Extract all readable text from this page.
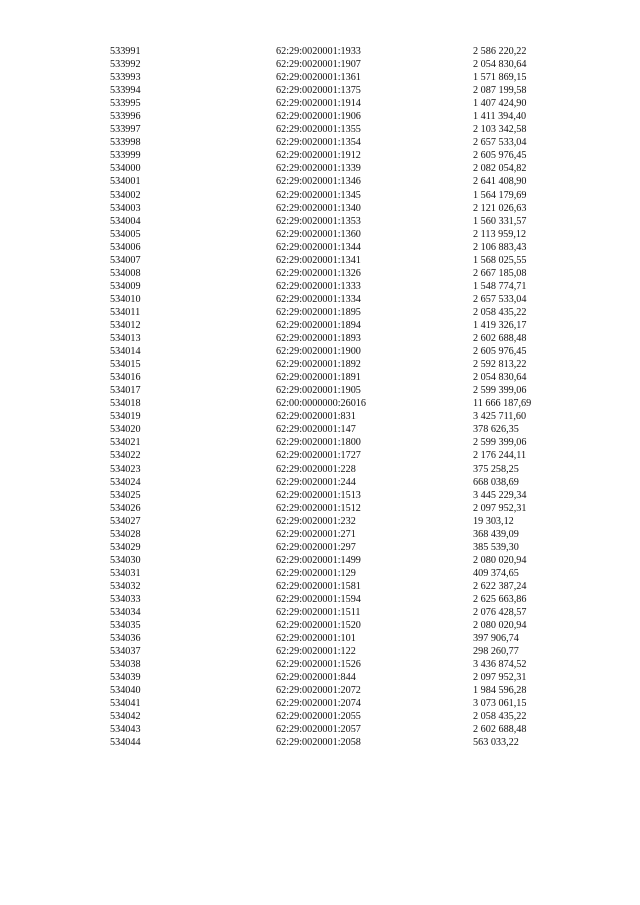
533991	62:29:0020001:1933	2 586 220,22
533992	62:29:0020001:1907	2 054 830,64
533993	62:29:0020001:1361	1 571 869,15
533994	62:29:0020001:1375	2 087 199,58
533995	62:29:0020001:1914	1 407 424,90
533996	62:29:0020001:1906	1 411 394,40
533997	62:29:0020001:1355	2 103 342,58
533998	62:29:0020001:1354	2 657 533,04
533999	62:29:0020001:1912	2 605 976,45
534000	62:29:0020001:1339	2 082 054,82
534001	62:29:0020001:1346	2 641 408,90
534002	62:29:0020001:1345	1 564 179,69
534003	62:29:0020001:1340	2 121 026,63
534004	62:29:0020001:1353	1 560 331,57
534005	62:29:0020001:1360	2 113 959,12
534006	62:29:0020001:1344	2 106 883,43
534007	62:29:0020001:1341	1 568 025,55
534008	62:29:0020001:1326	2 667 185,08
534009	62:29:0020001:1333	1 548 774,71
534010	62:29:0020001:1334	2 657 533,04
534011	62:29:0020001:1895	2 058 435,22
534012	62:29:0020001:1894	1 419 326,17
534013	62:29:0020001:1893	2 602 688,48
534014	62:29:0020001:1900	2 605 976,45
534015	62:29:0020001:1892	2 592 813,22
534016	62:29:0020001:1891	2 054 830,64
534017	62:29:0020001:1905	2 599 399,06
534018	62:00:0000000:26016	11 666 187,69
534019	62:29:0020001:831	3 425 711,60
534020	62:29:0020001:147	378 626,35
534021	62:29:0020001:1800	2 599 399,06
534022	62:29:0020001:1727	2 176 244,11
534023	62:29:0020001:228	375 258,25
534024	62:29:0020001:244	668 038,69
534025	62:29:0020001:1513	3 445 229,34
534026	62:29:0020001:1512	2 097 952,31
534027	62:29:0020001:232	19 303,12
534028	62:29:0020001:271	368 439,09
534029	62:29:0020001:297	385 539,30
534030	62:29:0020001:1499	2 080 020,94
534031	62:29:0020001:129	409 374,65
534032	62:29:0020001:1581	2 622 387,24
534033	62:29:0020001:1594	2 625 663,86
534034	62:29:0020001:1511	2 076 428,57
534035	62:29:0020001:1520	2 080 020,94
534036	62:29:0020001:101	397 906,74
534037	62:29:0020001:122	298 260,77
534038	62:29:0020001:1526	3 436 874,52
534039	62:29:0020001:844	2 097 952,31
534040	62:29:0020001:2072	1 984 596,28
534041	62:29:0020001:2074	3 073 061,15
534042	62:29:0020001:2055	2 058 435,22
534043	62:29:0020001:2057	2 602 688,48
534044	62:29:0020001:2058	563 033,22
